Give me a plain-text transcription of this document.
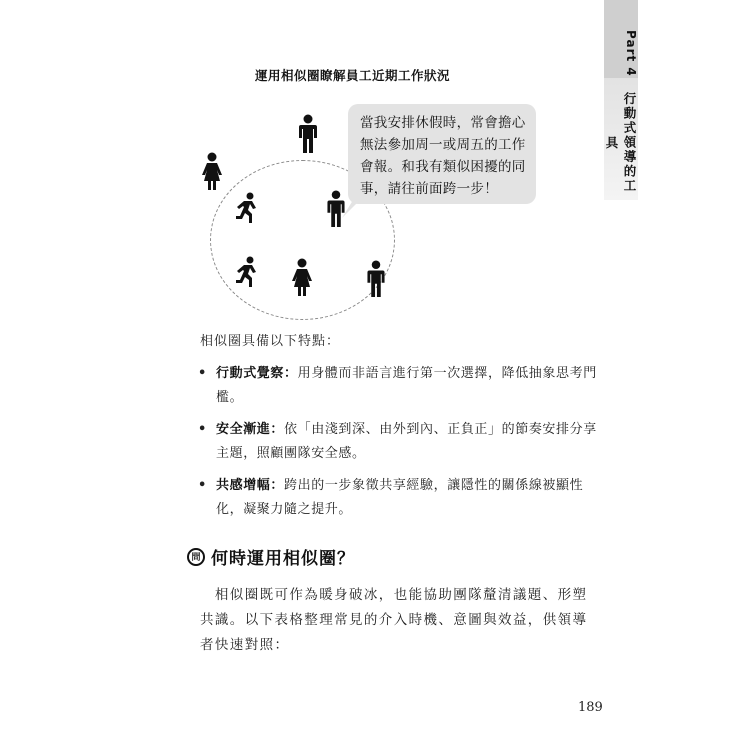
Part 4
行動式領導的工具
運用相似圈瞭解員工近期工作狀況
當我安排休假時，常會擔心無法參加周一或周五的工作會報。和我有類似困擾的同事，請往前面跨一步！
相似圈具備以下特點：
• 行動式覺察：用身體而非語言進行第一次選擇，降低抽象思考門檻。
• 安全漸進：依「由淺到深、由外到內、正負正」的節奏安排分享主題，照顧團隊安全感。
• 共感增幅：跨出的一步象徵共享經驗，讓隱性的關係線被顯性化，凝聚力隨之提升。
問 何時運用相似圈？

　相似圈既可作為暖身破冰，也能協助團隊釐清議題、形塑共識。以下表格整理常見的介入時機、意圖與效益，供領導者快速對照：

189
